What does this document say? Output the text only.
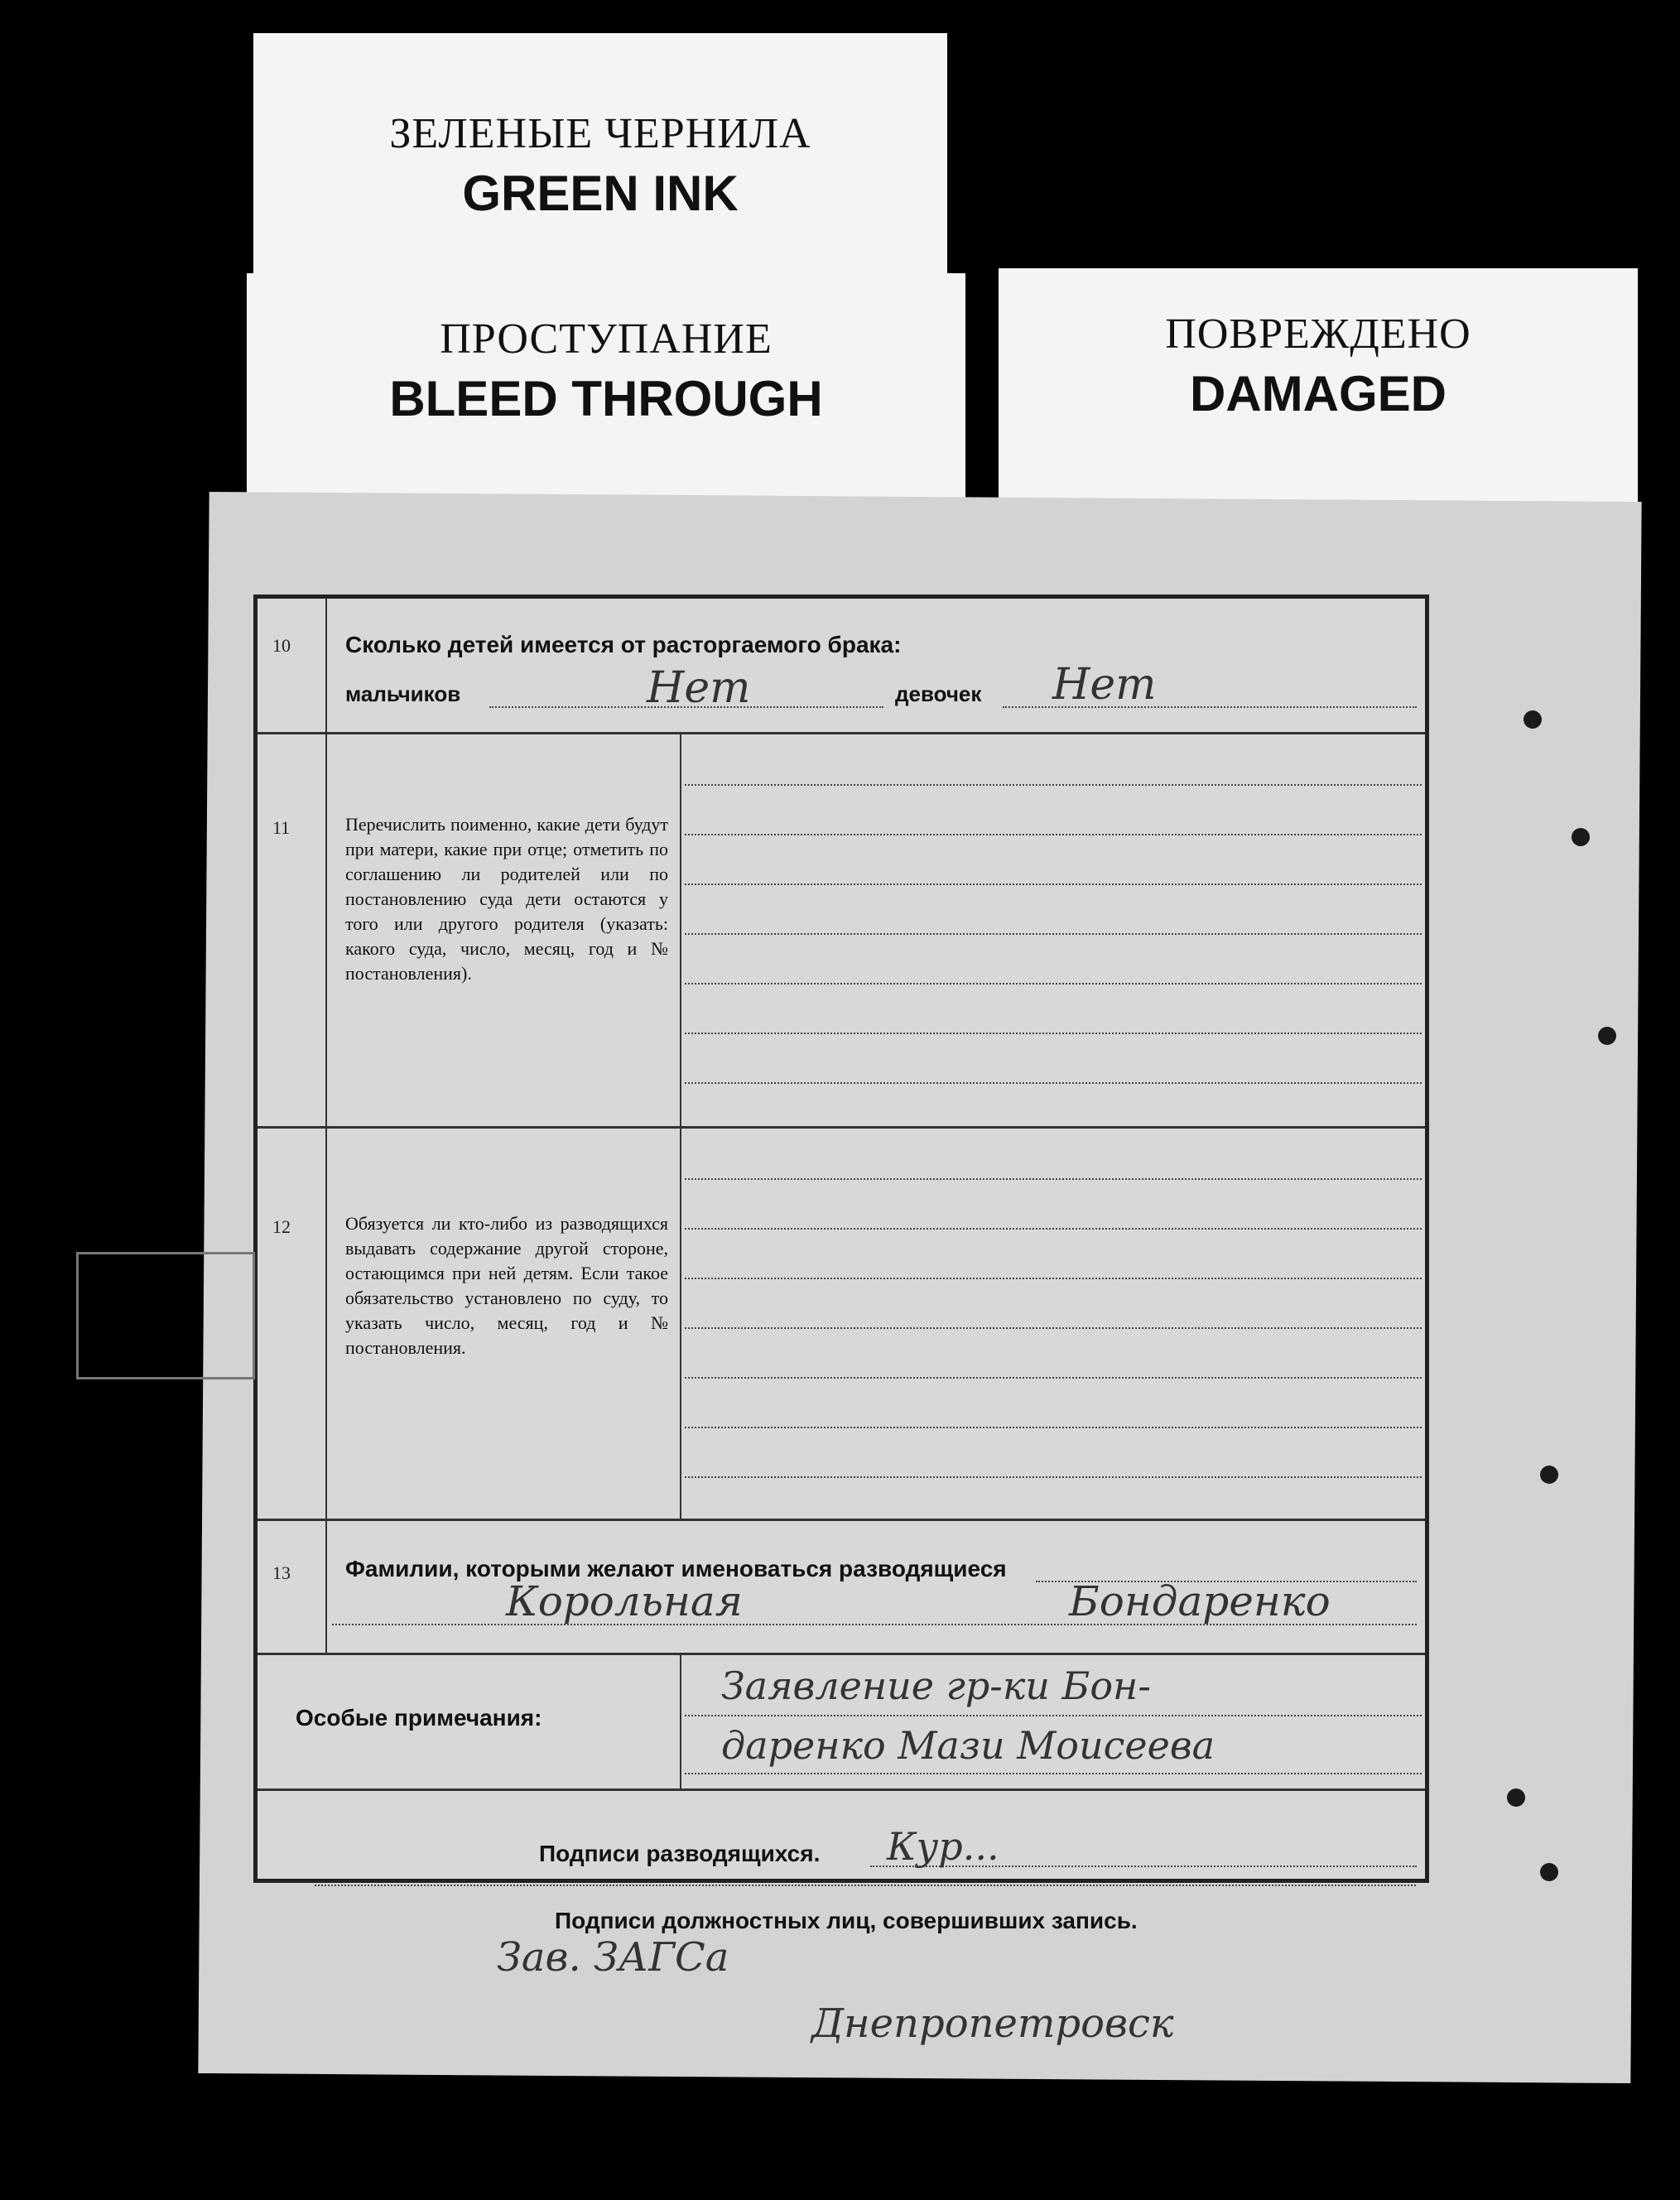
ЗЕЛЕНЫЕ ЧЕРНИЛА
GREEN INK
ПРОСТУПАНИЕ
BLEED THROUGH
ПОВРЕЖДЕНО
DAMAGED
10 Сколько детей имеется от расторгаемого брака:
мальчиков	Нет	девочек Нет
11	Перечислить поименно, какие дети будут при матери, какие при отце; отметить по соглашению ли родителей или по постановлению суда дети остаются у того или другого родителя (указать: какого суда, число, месяц, год и № постановления).
12	Обязуется ли кто-либо из разводящихся выдавать содержание другой стороне, остающимся при ней детям. Если такое обязательство установлено по суду, то указать число, месяц, год и № постановления.
13 Фамилии, которыми желают именоваться разводящиеся
Корольная	Бондаренко
Особые примечания:
Заявление гр-ки Бон-
даренко Мази Моисеева
Подписи разводящихся. Кур...
Подписи должностных лиц, совершивших запись.
Зав. ЗАГСа
Днепропетровск
